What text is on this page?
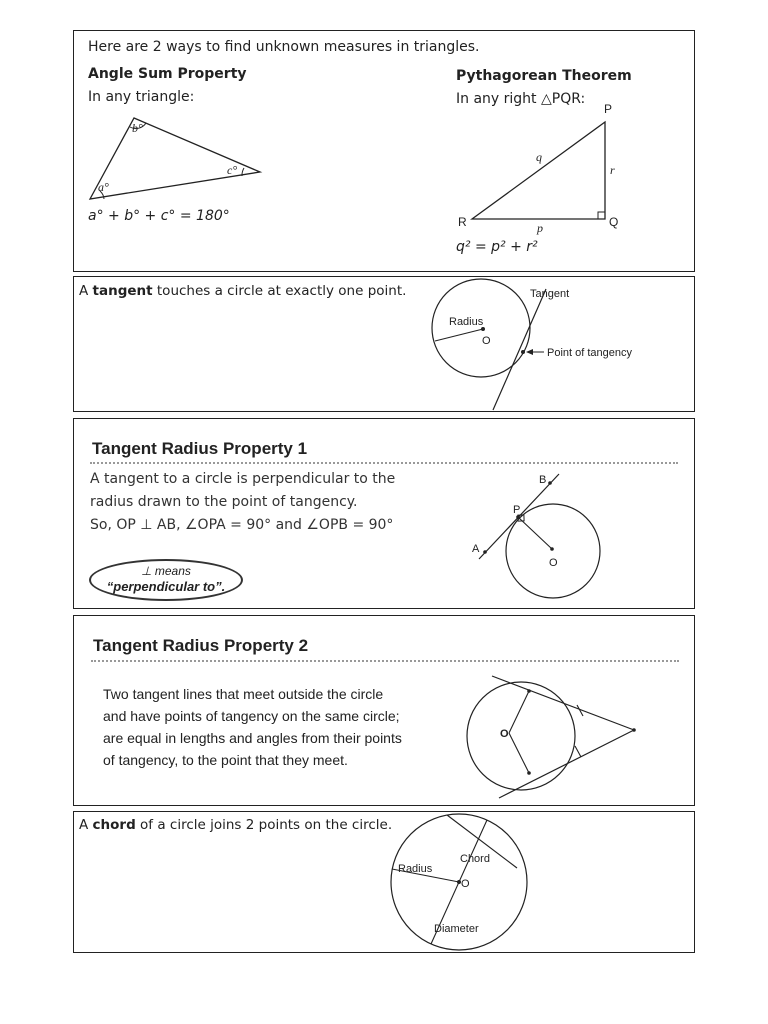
Here are 2 ways to find unknown measures in triangles.
Angle Sum Property
In any triangle:
a° + b° + c° = 180°
Pythagorean Theorem
In any right △PQR:
q² = p² + r²
b°
c°
a°
P
Q
R
q
r
p
A tangent touches a circle at exactly one point.	Tangent
Radius
O
Point of tangency
Tangent Radius Property 1
A tangent to a circle is perpendicular to the
radius drawn to the point of tangency.
So, OP ⊥ AB, ∠OPA = 90° and ∠OPB = 90°
⊥ means
“perpendicular to”.
B
P
A
O
Tangent Radius Property 2
Two tangent lines that meet outside the circle
and have points of tangency on the same circle;
are equal in lengths and angles from their points
of tangency, to the point that they meet.
O
A chord of a circle joins 2 points on the circle.
Chord
Radius
O
Diameter
